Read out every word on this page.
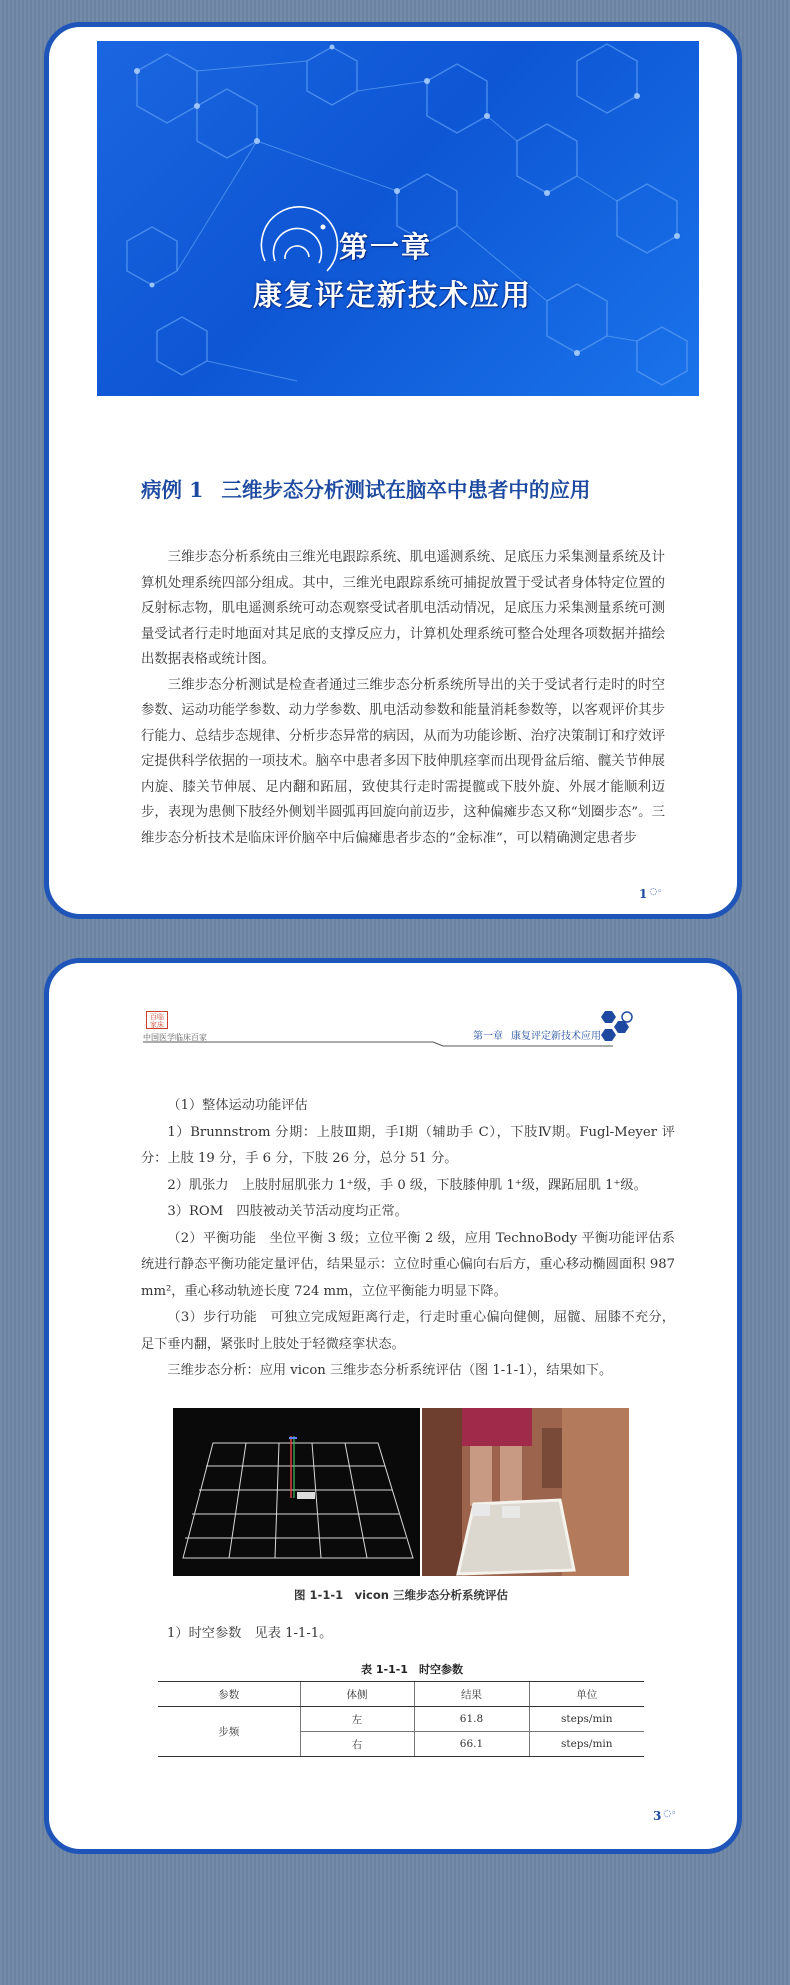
第一章
康复评定新技术应用
病例 1 三维步态分析测试在脑卒中患者中的应用

三维步态分析系统由三维光电跟踪系统、肌电遥测系统、足底压力采集测量系统及计算机处理系统四部分组成。其中，三维光电跟踪系统可捕捉放置于受试者身体特定位置的反射标志物，肌电遥测系统可动态观察受试者肌电活动情况，足底压力采集测量系统可测量受试者行走时地面对其足底的支撑反应力，计算机处理系统可整合处理各项数据并描绘出数据表格或统计图。

三维步态分析测试是检查者通过三维步态分析系统所导出的关于受试者行走时的时空参数、运动功能学参数、动力学参数、肌电活动参数和能量消耗参数等，以客观评价其步行能力、总结步态规律、分析步态异常的病因，从而为功能诊断、治疗决策制订和疗效评定提供科学依据的一项技术。脑卒中患者多因下肢伸肌痉挛而出现骨盆后缩、髋关节伸展内旋、膝关节伸展、足内翻和跖屈，致使其行走时需提髋或下肢外旋、外展才能顺利迈步，表现为患侧下肢经外侧划半圆弧再回旋向前迈步，这种偏瘫步态又称“划圈步态”。三维步态分析技术是临床评价脑卒中后偏瘫患者步态的“金标准”，可以精确测定患者步

1 ◌◦
百临家床
中国医学临床百家	第一章 康复评定新技术应用

（1）整体运动功能评估

1）Brunnstrom 分期：上肢Ⅲ期，手Ⅰ期（辅助手 C），下肢Ⅳ期。Fugl-Meyer 评分：上肢 19 分，手 6 分，下肢 26 分，总分 51 分。

2）肌张力　上肢肘屈肌张力 1⁺级，手 0 级，下肢膝伸肌 1⁺级，踝跖屈肌 1⁺级。

3）ROM　四肢被动关节活动度均正常。

（2）平衡功能　坐位平衡 3 级；立位平衡 2 级，应用 TechnoBody 平衡功能评估系统进行静态平衡功能定量评估，结果显示：立位时重心偏向右后方，重心移动椭圆面积 987 mm²，重心移动轨迹长度 724 mm，立位平衡能力明显下降。

（3）步行功能　可独立完成短距离行走，行走时重心偏向健侧，屈髋、屈膝不充分，足下垂内翻，紧张时上肢处于轻微痉挛状态。

三维步态分析：应用 vicon 三维步态分析系统评估（图 1-1-1），结果如下。

图 1-1-1　vicon 三维步态分析系统评估
1）时空参数　见表 1-1-1。
表 1-1-1　时空参数
参数	体侧	结果	单位
步频	左	61.8	steps/min
	右	66.1	steps/min
3 ◌◦
